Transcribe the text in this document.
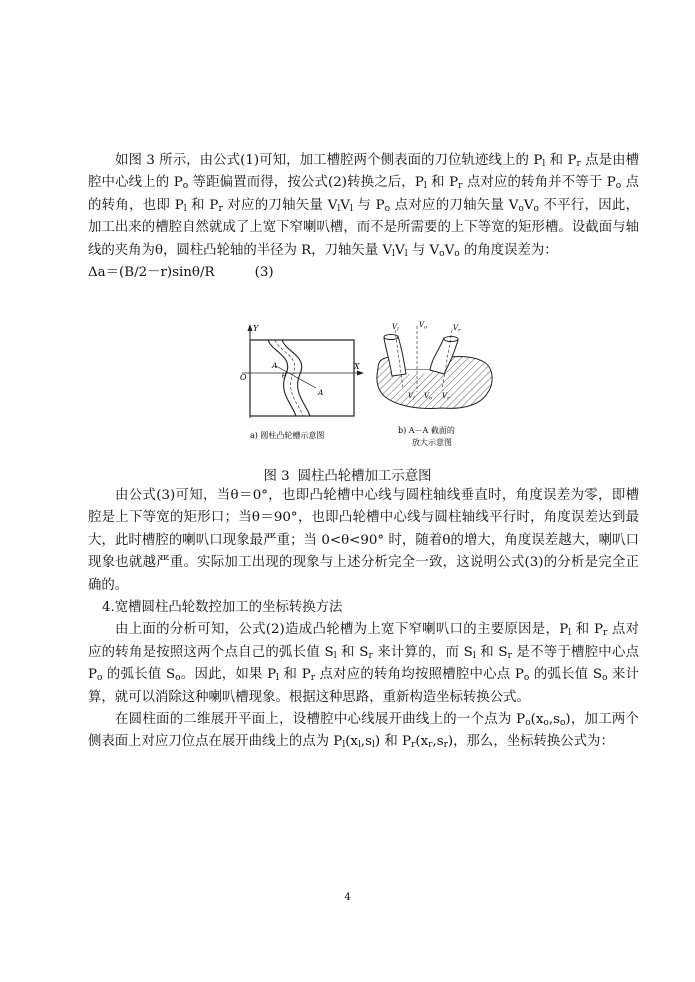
如图 3 所示，由公式(1)可知，加工槽腔两个侧表面的刀位轨迹线上的 $P_l$ 和 $P_r$ 点是由槽腔中心线上的 $P_o$ 等距偏置而得，按公式(2)转换之后，$P_l$ 和 $P_r$ 点对应的转角并不等于 $P_o$ 点的转角，也即 $P_l$ 和 $P_r$ 对应的刀轴矢量 $V_lV_l$ 与 $P_o$ 点对应的刀轴矢量 $V_oV_o$ 不平行，因此，加工出来的槽腔自然就成了上宽下窄喇叭槽，而不是所需要的上下等宽的矩形槽。设截面与轴线的夹角为θ，圆柱凸轮轴的半径为 R，刀轴矢量 $V_lV_l$ 与 $V_oV_o$ 的角度误差为：

Δa＝(B/2－r)sinθ/R	(3)

Y
X
O
A
A
θ
a) 圆柱凸轮槽示意图
$V_l$
$V_o$	$V_r$
$V_l$ $V_o$ $V_r$
b) A－A 截面的
放大示意图
图 3 圆柱凸轮槽加工示意图

由公式(3)可知，当θ＝0°，也即凸轮槽中心线与圆柱轴线垂直时，角度误差为零，即槽腔是上下等宽的矩形口；当θ＝90°，也即凸轮槽中心线与圆柱轴线平行时，角度误差达到最大，此时槽腔的喇叭口现象最严重；当 0<θ<90° 时，随着θ的增大，角度误差越大，喇叭口现象也就越严重。实际加工出现的现象与上述分析完全一致，这说明公式(3)的分析是完全正确的。

4.宽槽圆柱凸轮数控加工的坐标转换方法

由上面的分析可知，公式(2)造成凸轮槽为上宽下窄喇叭口的主要原因是，$P_l$ 和 $P_r$ 点对应的转角是按照这两个点自己的弧长值 $S_l$ 和 $S_r$ 来计算的，而 $S_l$ 和 $S_r$ 是不等于槽腔中心点 $P_o$ 的弧长值 $S_o$。因此，如果 $P_l$ 和 $P_r$ 点对应的转角均按照槽腔中心点 $P_o$ 的弧长值 $S_o$ 来计算，就可以消除这种喇叭槽现象。根据这种思路，重新构造坐标转换公式。

在圆柱面的二维展开平面上，设槽腔中心线展开曲线上的一个点为 $P_o(x_o,s_o)$，加工两个侧表面上对应刀位点在展开曲线上的点为 $P_l(x_l,s_l)$ 和 $P_r(x_r,s_r)$，那么，坐标转换公式为：

4
